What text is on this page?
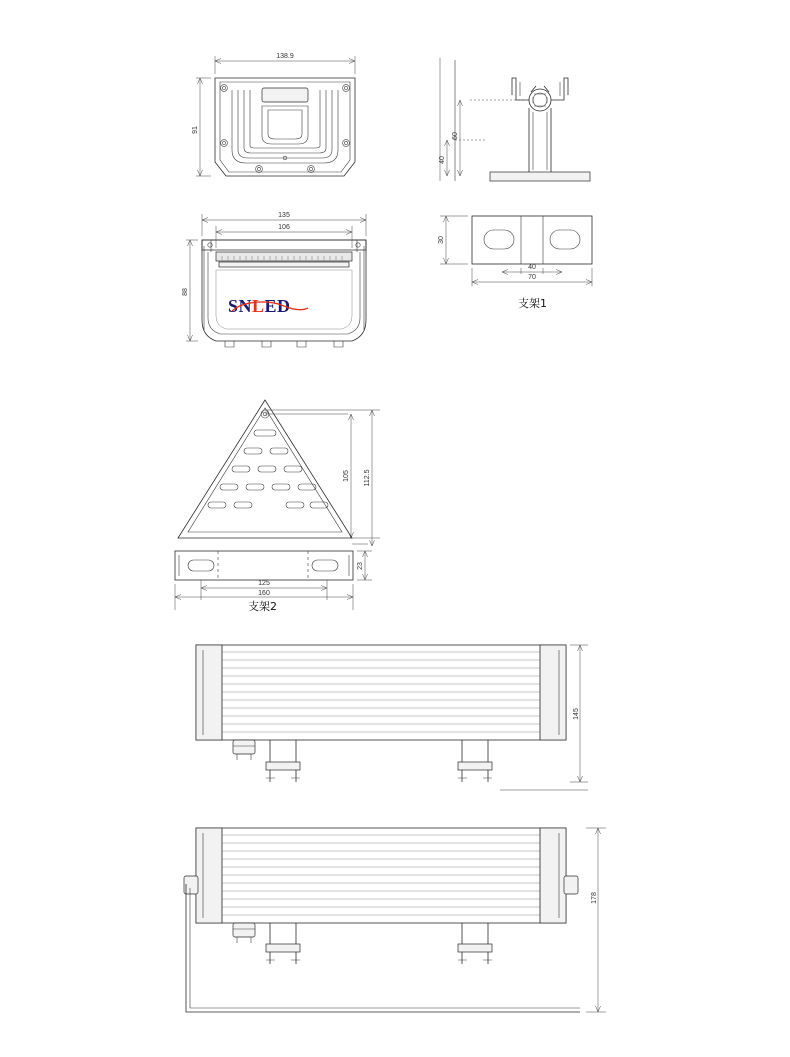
138.9
91
135
106
88
60
40
30
40
70
105 112.5
125
160
23
145
178
SNLED	支架1
支架2
